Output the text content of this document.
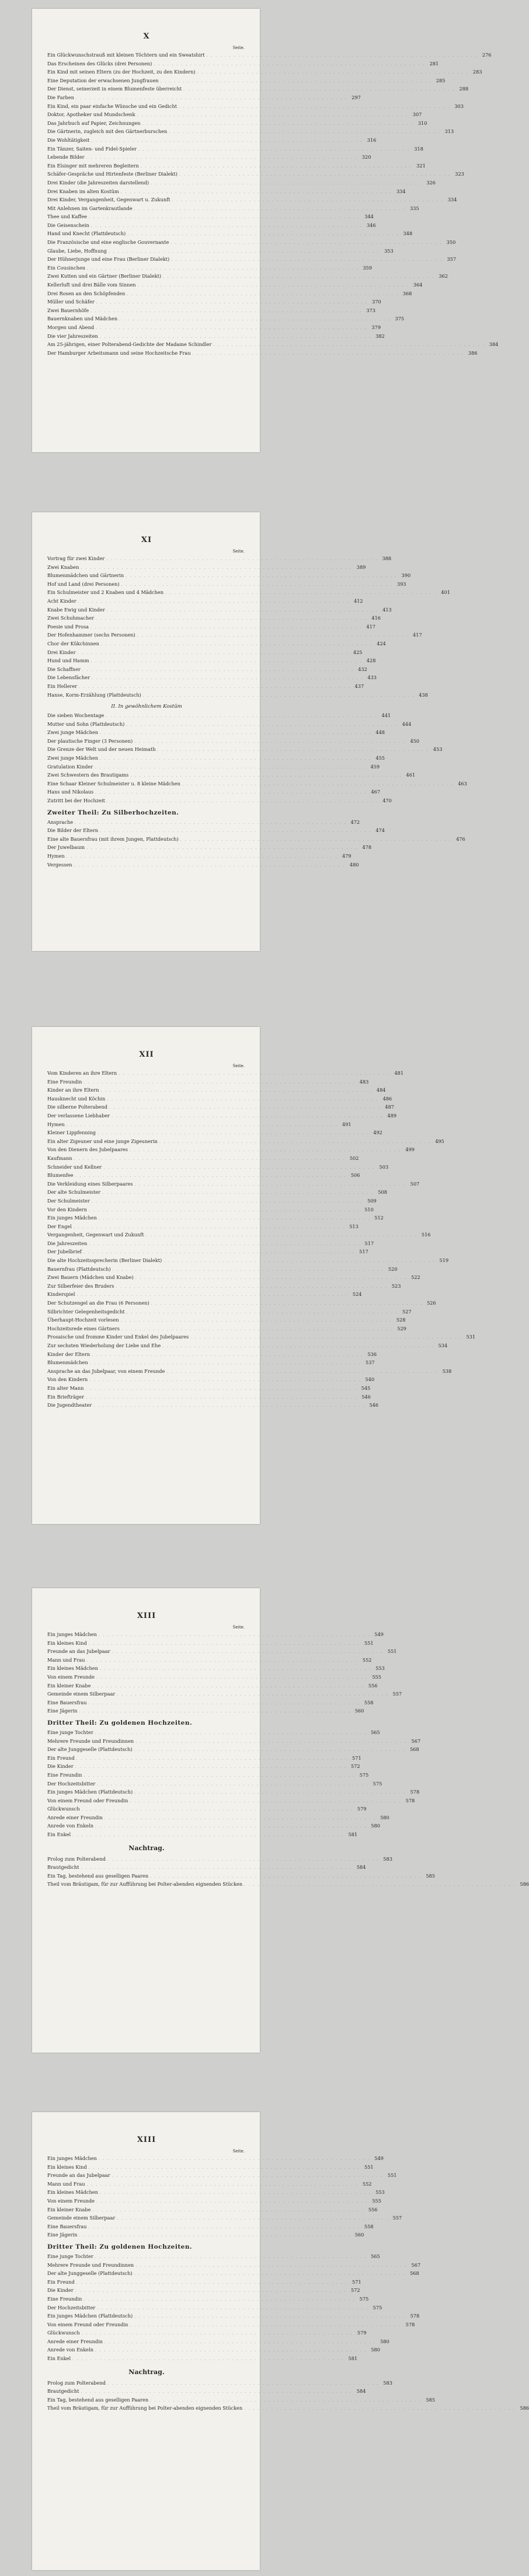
X
Seite.
Ein Glückwunschstrauß mit kleinen Töchtern und ein Sweatshirt . . .	276
Das Erscheinen des Glücks (drei Personen) . . .	281
Ein Kind mit seinen Eltern (zu der Hochzeit, zu den Kindern) . . .	283
Eine Deputation der erwachsenen Jungfrauen . . .	285
Der Dienst, seinerzeit in einem Blumenfeste überreicht . . .	288
Die Farben . . .	297
Ein Kind, ein paar einfache Wünsche und ein Gedicht . . .	303
Doktor, Apotheker und Mundschenk . . .	307
Das Jahrbuch auf Papier, Zeichnungen . . .	310
Die Gärtnerin, zugleich mit den Gärtnerburschen . . .	313
Die Wohltätigkeit . . .	316
Ein Tänzer, Saiten- und Fidel-Spieler . . .	318
Lebende Bilder . . .	320
Ein Elsinger mit mehreren Begleitern . . .	321
Schäfer-Gespräche und Hirtenfeste (Berliner Dialekt) . . .	323
Drei Kinder (die Jahreszeiten darstellend) . . .	326
Drei Knaben im alten Kostüm . . .	334
Drei Kinder, Vergangenheit, Gegenwart u. Zukunft . . .	334
Mit Anlehnen im Gartenkrautlande . . .	335
Thee und Kaffee . . .	344
Die Geisenschein . . .	346
Hand und Knecht (Plattdeutsch) . . .	348
Die Französische und eine englische Gouvernante . . .	350
Glaube, Liebe, Hoffnung . . .	353
Der Hühnerjunge und eine Frau (Berliner Dialekt) . . .	357
Ein Cousinchen . . .	359
Zwei Kutten und ein Gärtner (Berliner Dialekt) . . .	362
Kellerluft und drei Bälle vom Sinnen . . .	364
Drei Rosen an den Schöpfenden . . .	368
Müller und Schäfer . . .	370
Zwei Bauernhöfe . . .	373
Bauernknaben und Mädchen . . .	375
Morgen und Abend . . .	379
Die vier Jahreszeiten . . .	382
Am 25-jährigen, einer Polterabend-Gedichte der Madame Schindler . . .	384
Der Hamburger Arbeitsmann und seine Hochzeitsche Frau . . .	386
XI
Seite.
Vortrag für zwei Kinder . . .	388
Zwei Knaben . . .	389
Blumenmädchen und Gärtnerin . . .	390
Hof und Land (drei Personen) . . .	393
Ein Schulmeister und 2 Knaben und 4 Mädchen . . .	401
Acht Kinder . . .	412
Knabe Ewig und Kinder . . .	413
Zwei Schuhmacher . . .	416
Poesie und Prosa . . .	417
Der Hofenhammer (sechs Personen) . . .	417
Chor der Kükchinnen . . .	424
Drei Kinder . . .	425
Hund und Hamm . . .	428
Die Schaffner . . .	432
Die Lebensfächer . . .	433
Ein Hellerer . . .	437
Hanse, Korm-Erzählung (Plattdeutsch) . . .	438
II. In gewöhnlichem Kostüm
Die sieben Wochentage . . .	441
Mutter und Sohn (Plattdeutsch) . . .	444
Zwei junge Mädchen . . .	448
Der plautische Finger (3 Personen) . . .	450
Die Grenze der Welt und der neuen Heimath . . .	453
Zwei junge Mädchen . . .	455
Gratulation Kinder . . .	459
Zwei Schwestern des Brautigams . . .	461
Eine Schaar Kleiner Schulmeister u. 8 kleine Mädchen . . .	463
Hans und Nikolaus . . .	467
Zutritt bei der Hochzeit . . .	470
Zweiter Theil: Zu Silberhochzeiten.
Ansprache . . .	472
Die Bilder der Eltern . . .	474
Eine alte Bauersfrau (mit ihrem Jungen, Plattdeutsch) . . .	476
Der Juwelbaum . . .	478
Hymen . . .	479
Vergessen . . .	480
XII
Seite.
Vom Kinderen an ihre Eltern . . .	481
Eine Freundin . . .	483
Kinder an ihre Eltern . . .	484
Hausknecht und Köchin . . .	486
Die silberne Polterabend . . .	487
Der verlassene Liebhaber . . .	489
Hymen . . .	491
Kleiner Lippfenning . . .	492
Ein alter Zigeuner und eine junge Zigeunerin . . .	495
Von den Dienern des Jubelpaares . . .	499
Kaufmann . . .	502
Schneider und Kellner . . .	503
Blumenfee . . .	506
Die Verkleidung eines Silberpaares . . .	507
Der alte Schulmeister . . .	508
Der Schulmeister . . .	509
Vor den Kindern . . .	510
Ein junges Mädchen . . .	512
Der Engel . . .	513
Vergangenheit, Gegenwart und Zukunft . . .	516
Die Jahreszeiten . . .	517
Der Jubelbrief . . .	517
Die alte Hochzeitssprecherin (Berliner Dialekt) . . .	519
Bauernfrau (Plattdeutsch) . . .	520
Zwei Bauern (Mädchen und Knabe) . . .	522
Zur Silberfeier des Bruders . . .	523
Kinderspiel . . .	524
Der Schutzengel an die Frau (6 Personen) . . .	526
Silbrichter Gelegenheitsgedicht . . .	527
Überhaupt-Hochzeit vorlesen . . .	528
Hochzeitsrede eines Gärtners . . .	529
Prosaische und fromme Kinder und Enkel des Jubelpaares . . .	531
Zur sechsten Wiederholung der Liebe und Ehe . . .	534
Kinder der Eltern . . .	536
Blumenmädchen . . .	537
Ansprache an das Jubelpaar, von einem Freunde . . .	538
Von den Kindern . . .	540
Ein alter Mann . . .	545
Ein Briefträger . . .	546
Die Jugendtheater . . .	546
XIII
Seite.
Ein junges Mädchen . . .	549
Ein kleines Kind . . .	551
Freunde an das Jubelpaar . . .	551
Mann und Frau . . .	552
Ein kleines Mädchen . . .	553
Von einem Freunde . . .	555
Ein kleiner Knabe . . .	556
Gemeinde einem Silberpaar . . .	557
Eine Bauersfrau . . .	558
Eine Jägerin . . .	560
Dritter Theil: Zu goldenen Hochzeiten.
Eine junge Tochter . . .	565
Mehrere Freunde und Freundinnen . . .	567
Der alte Junggeselle (Plattdeutsch) . . .	568
Ein Freund . . .	571
Die Kinder . . .	572
Eine Freundin . . .	575
Der Hochzeitsbitter . . .	575
Ein junges Mädchen (Plattdeutsch) . . .	578
Von einem Freund oder Freundin . . .	578
Glückwunsch . . .	579
Anrede einer Freundin . . .	580
Anrede von Enkeln . . .	580
Ein Enkel . . .	581
Nachtrag.
Prolog zum Polterabend . . .	583
Brautgedicht . . .	584
Ein Tag, bestehend aus geselligen Paaren . . .	585
Theil vom Bräutigam, für zur Aufführung bei Polter-abenden eignenden Stücken . . .	586
XIII
Seite.
Ein junges Mädchen . . .	549
Ein kleines Kind . . .	551
Freunde an das Jubelpaar . . .	551
Mann und Frau . . .	552
Ein kleines Mädchen . . .	553
Von einem Freunde . . .	555
Ein kleiner Knabe . . .	556
Gemeinde einem Silberpaar . . .	557
Eine Bauersfrau . . .	558
Eine Jägerin . . .	560
Dritter Theil: Zu goldenen Hochzeiten.
Eine junge Tochter . . .	565
Mehrere Freunde und Freundinnen . . .	567
Der alte Junggeselle (Plattdeutsch) . . .	568
Ein Freund . . .	571
Die Kinder . . .	572
Eine Freundin . . .	575
Der Hochzeitsbitter . . .	575
Ein junges Mädchen (Plattdeutsch) . . .	578
Von einem Freund oder Freundin . . .	578
Glückwunsch . . .	579
Anrede einer Freundin . . .	580
Anrede von Enkeln . . .	580
Ein Enkel . . .	581
Nachtrag.
Prolog zum Polterabend . . .	583
Brautgedicht . . .	584
Ein Tag, bestehend aus geselligen Paaren . . .	585
Theil vom Bräutigam, für zur Aufführung bei Polter-abenden eignenden Stücken . . .	586
